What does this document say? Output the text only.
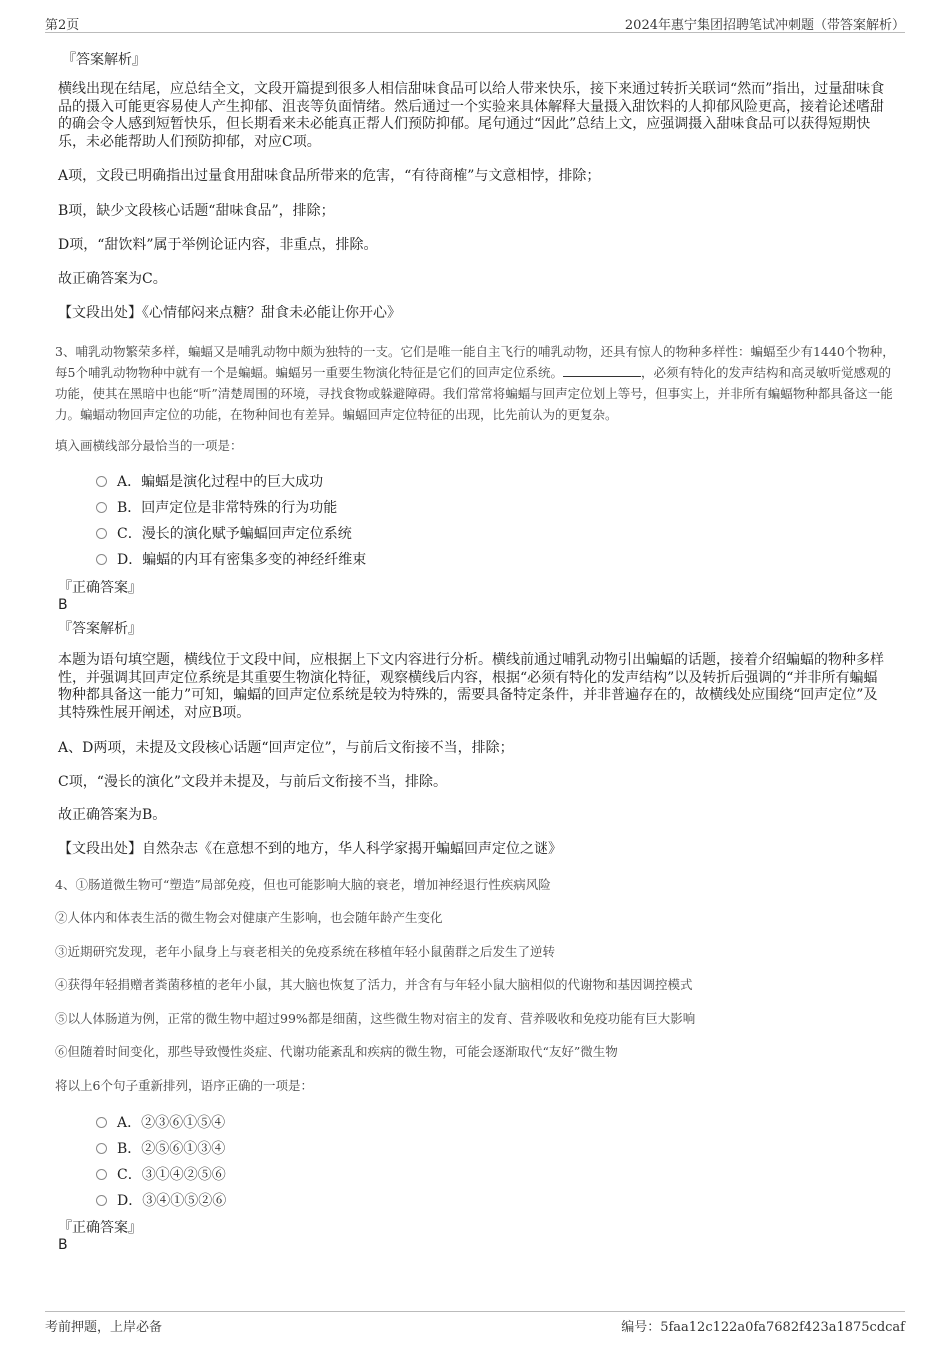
第2页	2024年惠宁集团招聘笔试冲刺题（带答案解析）
『答案解析』
横线出现在结尾，应总结全文，文段开篇提到很多人相信甜味食品可以给人带来快乐，接下来通过转折关联词“然而”指出，过量甜味食品的摄入可能更容易使人产生抑郁、沮丧等负面情绪。然后通过一个实验来具体解释大量摄入甜饮料的人抑郁风险更高，接着论述嗜甜的确会令人感到短暂快乐，但长期看来未必能真正帮人们预防抑郁。尾句通过“因此”总结上文，应强调摄入甜味食品可以获得短期快乐，未必能帮助人们预防抑郁，对应C项。
A项，文段已明确指出过量食用甜味食品所带来的危害，“有待商榷”与文意相悖，排除；
B项，缺少文段核心话题“甜味食品”，排除；
D项，“甜饮料”属于举例论证内容，非重点，排除。
故正确答案为C。
【文段出处】《心情郁闷来点糖？甜食未必能让你开心》
3、哺乳动物繁荣多样，蝙蝠又是哺乳动物中颇为独特的一支。它们是唯一能自主飞行的哺乳动物，还具有惊人的物种多样性：蝙蝠至少有1440个物种，每5个哺乳动物物种中就有一个是蝙蝠。蝙蝠另一重要生物演化特征是它们的回声定位系统。	，必须有特化的发声结构和高灵敏听觉感观的功能，使其在黑暗中也能“听”清楚周围的环境，寻找食物或躲避障碍。我们常常将蝙蝠与回声定位划上等号，但事实上，并非所有蝙蝠物种都具备这一能力。蝙蝠动物回声定位的功能，在物种间也有差异。蝙蝠回声定位特征的出现，比先前认为的更复杂。
填入画横线部分最恰当的一项是：
A．蝙蝠是演化过程中的巨大成功
B．回声定位是非常特殊的行为功能
C．漫长的演化赋予蝙蝠回声定位系统
D．蝙蝠的内耳有密集多变的神经纤维束
『正确答案』
B
『答案解析』
本题为语句填空题，横线位于文段中间，应根据上下文内容进行分析。横线前通过哺乳动物引出蝙蝠的话题，接着介绍蝙蝠的物种多样性，并强调其回声定位系统是其重要生物演化特征，观察横线后内容，根据“必须有特化的发声结构”以及转折后强调的“并非所有蝙蝠物种都具备这一能力”可知，蝙蝠的回声定位系统是较为特殊的，需要具备特定条件，并非普遍存在的，故横线处应围绕“回声定位”及其特殊性展开阐述，对应B项。
A、D两项，未提及文段核心话题“回声定位”，与前后文衔接不当，排除；
C项，“漫长的演化”文段并未提及，与前后文衔接不当，排除。
故正确答案为B。
【文段出处】自然杂志《在意想不到的地方，华人科学家揭开蝙蝠回声定位之谜》
4、①肠道微生物可“塑造”局部免疫，但也可能影响大脑的衰老，增加神经退行性疾病风险
②人体内和体表生活的微生物会对健康产生影响，也会随年龄产生变化
③近期研究发现，老年小鼠身上与衰老相关的免疫系统在移植年轻小鼠菌群之后发生了逆转
④获得年轻捐赠者粪菌移植的老年小鼠，其大脑也恢复了活力，并含有与年轻小鼠大脑相似的代谢物和基因调控模式
⑤以人体肠道为例，正常的微生物中超过99%都是细菌，这些微生物对宿主的发育、营养吸收和免疫功能有巨大影响
⑥但随着时间变化，那些导致慢性炎症、代谢功能紊乱和疾病的微生物，可能会逐渐取代“友好”微生物
将以上6个句子重新排列，语序正确的一项是：
A．②③⑥①⑤④
B．②⑤⑥①③④
C．③①④②⑤⑥
D．③④①⑤②⑥
『正确答案』
B
考前押题，上岸必备	编号：5faa12c122a0fa7682f423a1875cdcaf
